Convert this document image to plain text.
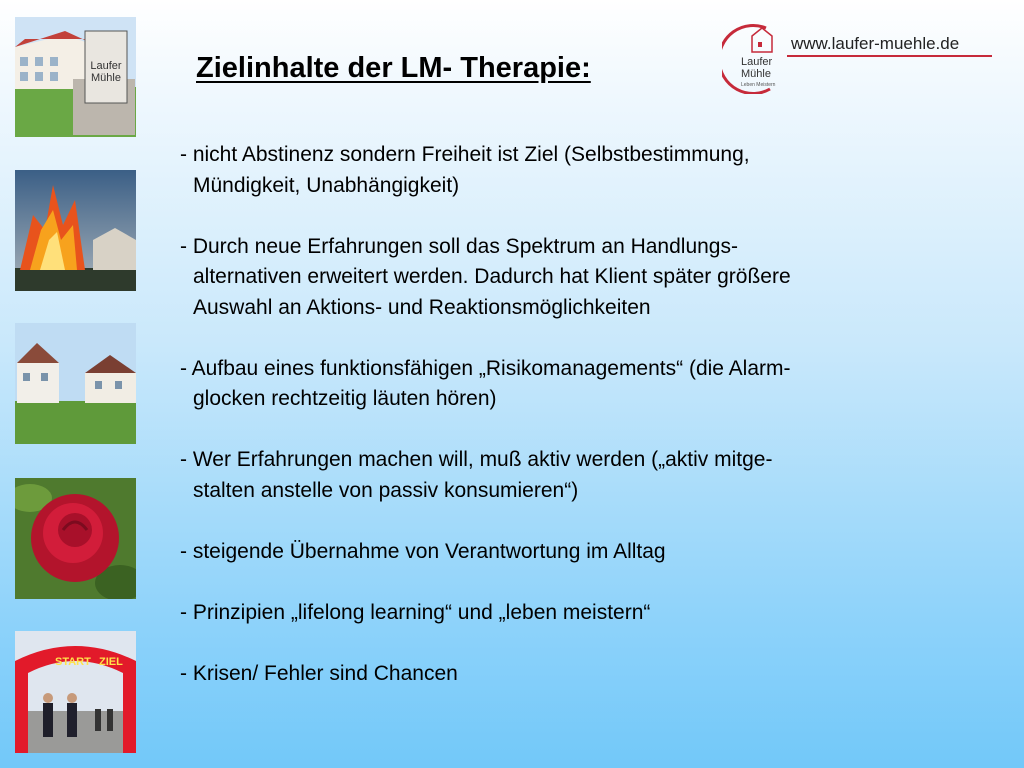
Laufer
Mühle
START ZIEL
Zielinhalte der LM- Therapie:	Laufer
Mühle
Leben Meistern
www.laufer-muehle.de
- nicht Abstinenz sondern Freiheit ist Ziel (Selbstbestimmung,
Mündigkeit, Unabhängigkeit)
- Durch neue Erfahrungen soll das Spektrum an Handlungs-
alternativen erweitert werden. Dadurch hat Klient später größere
Auswahl an Aktions- und Reaktionsmöglichkeiten
- Aufbau eines funktionsfähigen „Risikomanagements“ (die Alarm-
glocken rechtzeitig läuten hören)
- Wer Erfahrungen machen will, muß aktiv werden („aktiv mitge-
stalten anstelle von passiv konsumieren“)
- steigende Übernahme von Verantwortung im Alltag
- Prinzipien „lifelong learning“ und „leben meistern“
- Krisen/ Fehler sind Chancen
